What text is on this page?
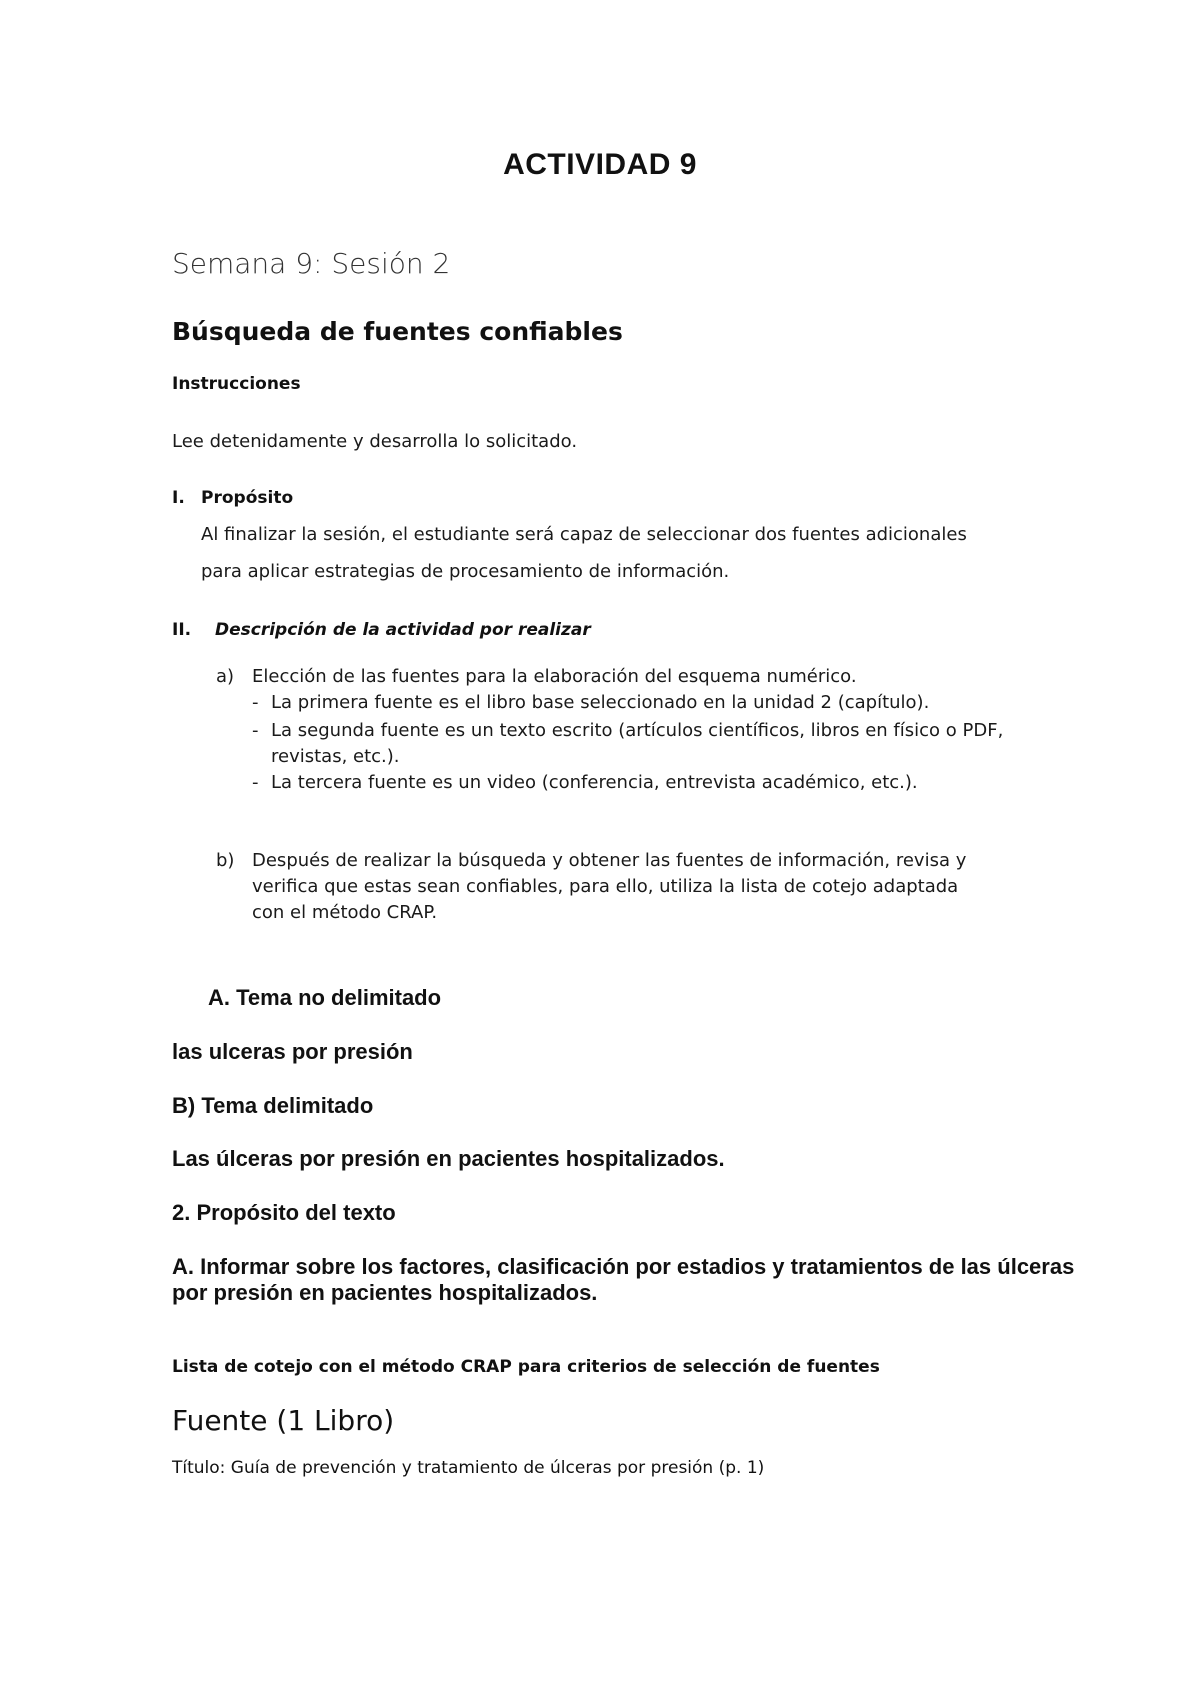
ACTIVIDAD 9
Semana 9: Sesión 2
Búsqueda de fuentes confiables
Instrucciones
Lee detenidamente y desarrolla lo solicitado.
I. Propósito
Al finalizar la sesión, el estudiante será capaz de seleccionar dos fuentes adicionales
para aplicar estrategias de procesamiento de información.
II. Descripción de la actividad por realizar
a) Elección de las fuentes para la elaboración del esquema numérico.
- La primera fuente es el libro base seleccionado en la unidad 2 (capítulo).
- La segunda fuente es un texto escrito (artículos científicos, libros en físico o PDF,
revistas, etc.).
- La tercera fuente es un video (conferencia, entrevista académico, etc.).
b) Después de realizar la búsqueda y obtener las fuentes de información, revisa y
verifica que estas sean confiables, para ello, utiliza la lista de cotejo adaptada
con el método CRAP.
A. Tema no delimitado
las ulceras por presión
B) Tema delimitado
Las úlceras por presión en pacientes hospitalizados.
2. Propósito del texto
A. Informar sobre los factores, clasificación por estadios y tratamientos de las úlceras
por presión en pacientes hospitalizados.
Lista de cotejo con el método CRAP para criterios de selección de fuentes
Fuente (1 Libro)
Título: Guía de prevención y tratamiento de úlceras por presión (p. 1)
